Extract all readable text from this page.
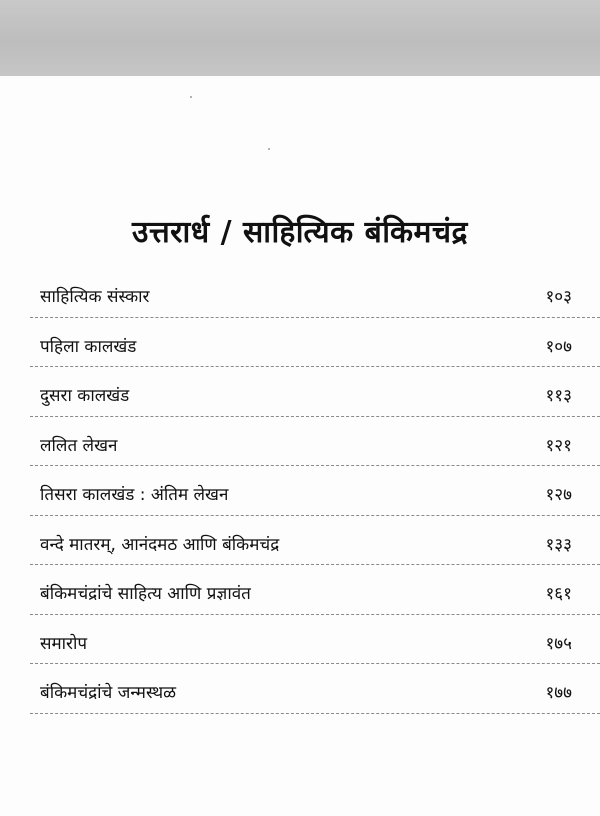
उत्तरार्ध / साहित्यिक बंकिमचंद्र
साहित्यिक संस्कार	१०३
पहिला कालखंड	१०७
दुसरा कालखंड	११३
ललित लेखन	१२१
तिसरा कालखंड : अंतिम लेखन	१२७
वन्दे मातरम्, आनंदमठ आणि बंकिमचंद्र	१३३
बंकिमचंद्रांचे साहित्य आणि प्रज्ञावंत	१६१
समारोप	१७५
बंकिमचंद्रांचे जन्मस्थळ	१७७
